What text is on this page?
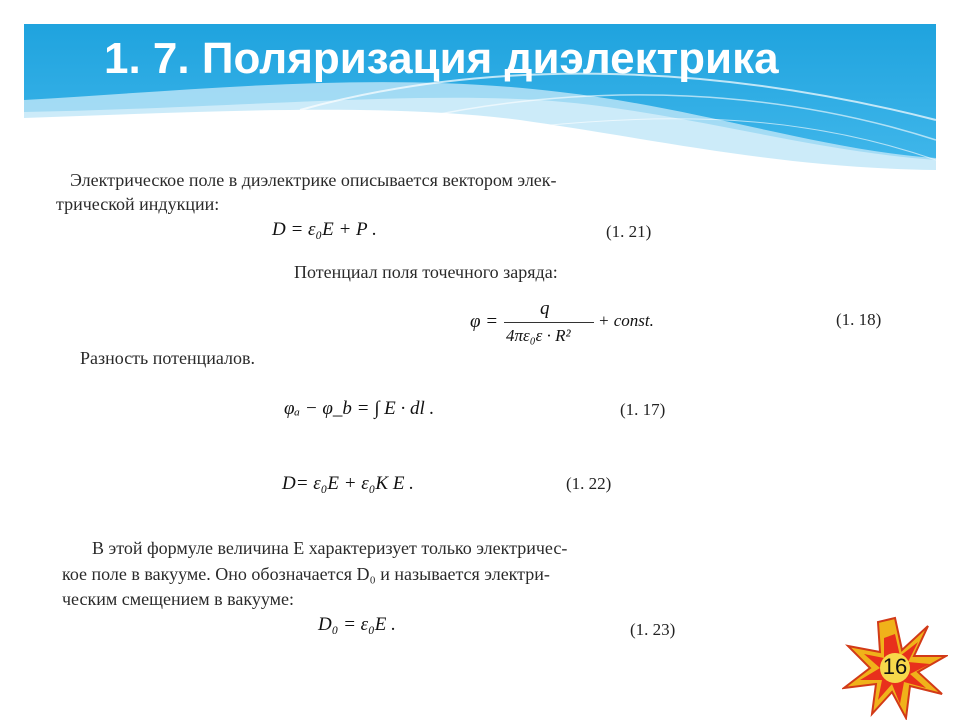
1. 7. Поляризация диэлектрика
Электрическое поле в диэлектрике описывается вектором элек-
трической индукции:
D = ε₀E + P .	(1. 21)
Потенциал поля точечного заряда:
φ =
q
4πε₀ε · R²
+ const.	(1. 18)
Разность потенциалов.
φₐ − φ_b = ∫ E · dl .	(1. 17)
D= ε₀E + ε₀K E .	(1. 22)
В этой формуле величина E характеризует только электричес-
кое поле в вакууме. Оно обозначается D₀ и называется электри-
ческим смещением в вакууме:
D₀ = ε₀E .	(1. 23)
16
